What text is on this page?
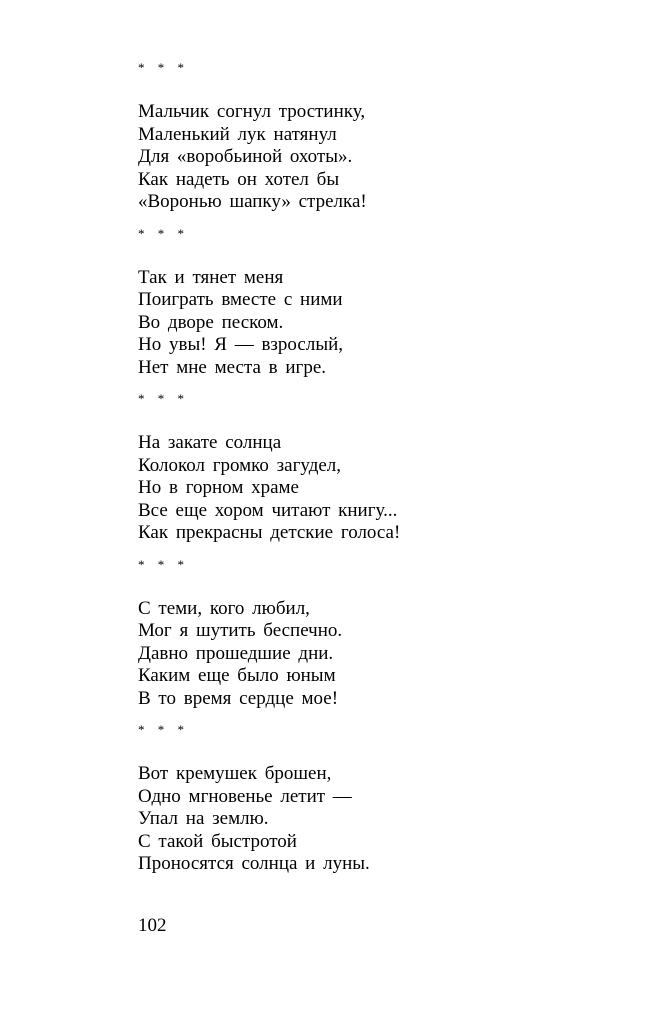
* * *

Мальчик согнул тростинку,

Маленький лук натянул

Для «воробьиной охоты».

Как надеть он хотел бы

«Воронью шапку» стрелка!

* * *

Так и тянет меня

Поиграть вместе с ними

Во дворе песком.

Но увы! Я — взрослый,

Нет мне места в игре.

* * *

На закате солнца

Колокол громко загудел,

Но в горном храме

Все еще хором читают книгу...

Как прекрасны детские голоса!

* * *

С теми, кого любил,

Мог я шутить беспечно.

Давно прошедшие дни.

Каким еще было юным

В то время сердце мое!

* * *

Вот кремушек брошен,

Одно мгновенье летит —

Упал на землю.

С такой быстротой

Проносятся солнца и луны.

102
